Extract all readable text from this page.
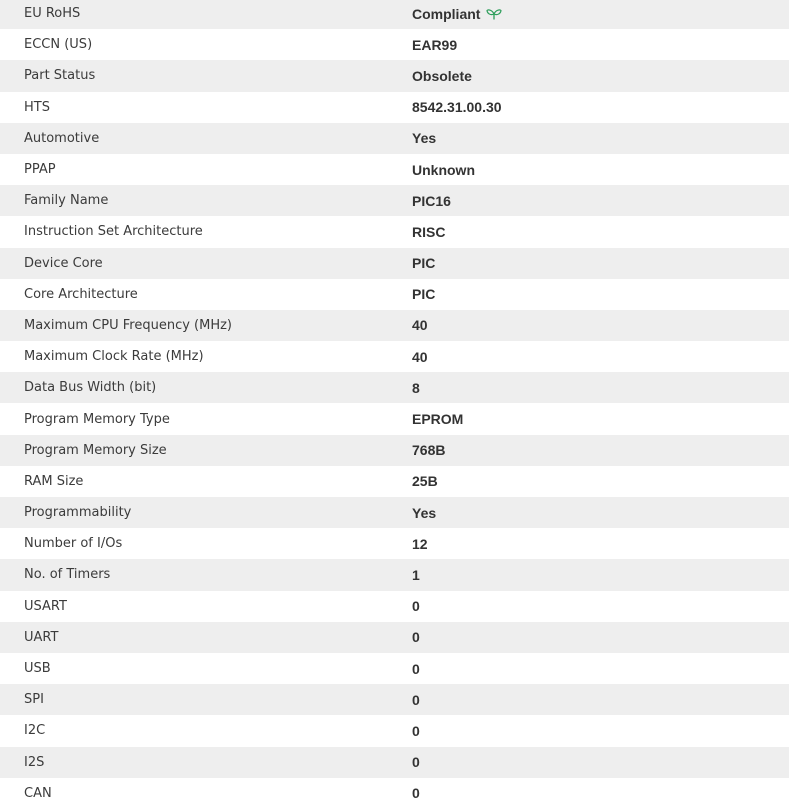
EU RoHS	Compliant
ECCN (US)	EAR99
Part Status	Obsolete
HTS	8542.31.00.30
Automotive	Yes
PPAP	Unknown
Family Name	PIC16
Instruction Set Architecture	RISC
Device Core	PIC
Core Architecture	PIC
Maximum CPU Frequency (MHz)	40
Maximum Clock Rate (MHz)	40
Data Bus Width (bit)	8
Program Memory Type	EPROM
Program Memory Size	768B
RAM Size	25B
Programmability	Yes
Number of I/Os	12
No. of Timers	1
USART	0
UART	0
USB	0
SPI	0
I2C	0
I2S	0
CAN	0
